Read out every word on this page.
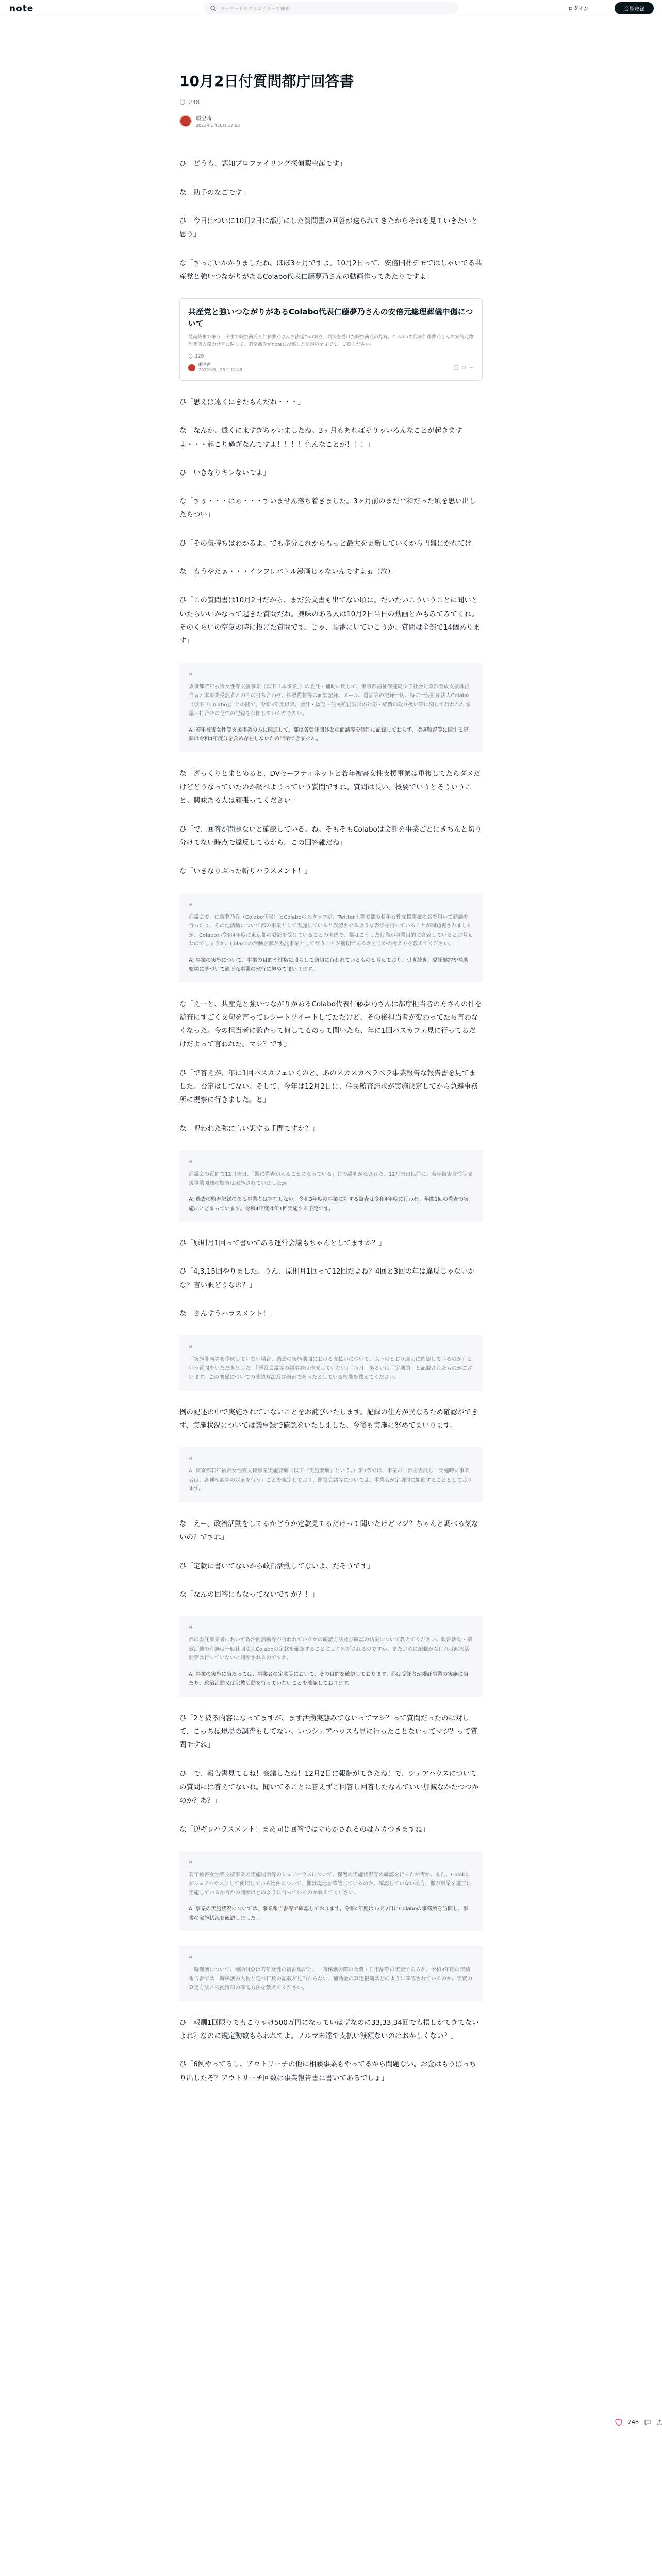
note	キーワードやクリエイターで検索	ログイン	会員登録
10月2日付質問都庁回答書
248
暇空茜
2023年1月10日 17:08

ひ「どうも、認知プロファイリング探偵暇空茜です」

な「助手のなごです」

ひ「今日はついに10月2日に都庁にした質問書の回答が送られてきたからそれを見ていきたいと思う」

な「すっごいかかりましたね、ほぼ3ヶ月ですよ。10月2日って、安倍国葬デモではしゃいでる共産党と強いつながりがあるColabo代表仁藤夢乃さんの動画作ってあたりですよ」

共産党と強いつながりがあるColabo代表仁藤夢乃さんの安倍元総理葬儀中傷について
最高裁まで争う、民事で暇空茜氏と仁藤夢乃さんの法廷での対立、判決を受けた暇空茜氏の見解。Colaboの代表仁藤夢乃さんの安倍元総理葬儀の際の発言に関して、暇空茜氏がnoteに投稿した記事の全文です。ご覧ください。
229
暇空茜
2022年9月28日 12:48

ひ「思えば遠くにきたもんだね・・・」

な「なんか、遠くに来すぎちゃいましたね。3ヶ月もあればそりゃいろんなことが起きますよ・・・起こり過ぎなんですよ！！！！色んなことが！！！」

ひ「いきなりキレないでよ」

な「すぅ・・・はぁ・・・すいません落ち着きました。3ヶ月前のまだ平和だった頃を思い出したらつい」

ひ「その気持ちはわかるよ。でも多分これからもっと最大を更新していくから円盤にかれてけ」

な「もうやだぁ・・・インフレバトル漫画じゃないんですよぉ（泣）」

ひ「この質問書は10月2日だから、まだ公文書も出てない頃に。だいたいこういうことに聞いといたらいいかなって起きた質問だね。興味のある人は10月2日当日の動画とかもみてみてくれ。そのくらいの空気の時に投げた質問です。じゃ、順番に見ていこうか。質問は全部で14個あります」

❝
東京都若年被害女性等支援事業（以下「本事業」）の委託・補助に関して、東京都福祉保健局少子社会対策部育成支援課担当者と本事業受託者との間の打ち合わせ、指導監督等の面談記録、メール、電話等の記録一切。特に一般社団法人Colabo（以下「Colabo」）との間で、令和3年度以降、会計・監査・住民監査請求の対応・経費の取り扱い等に関して行われた協議・打合せの全ての記録を公開していただきたい。
A: 若年被害女性等支援事業のみに関連して、都は各受託団体との面談等を個別に記録しておらず、指導監督等に関する記録は令和4年度分を含め存在しないため開示できません。

な「ざっくりとまとめると、DVセーフティネットと若年被害女性支援事業は重複してたらダメだけどどうなっていたのか調べようっていう質問ですね。質問は長い。概要でいうとそういうこと。興味ある人は頑張ってください」

ひ「で、回答が問題ないと確認している。ね。そもそもColaboは会計を事業ごとにきちんと切り分けてない時点で違反してるから。この回答雑だね」

な「いきなりぶった斬りハラスメント！」

❝
都議会で、仁藤夢乃氏（Colabo代表）とColaboのスタッフが、Twitter上等で都の若年女性支援事業の名を用いて勧誘を行ったり、その他活動について都の事業として実施していると誤認させるような表示を行っていることが問題視されましたが、Colaboが令和4年度に東京都の委託を受けていることの関係で、都はこうした行為が事業目的に合致しているとお考えなのでしょうか。Colaboの活動を都が委託事業として行うことが適切であるかどうかの考え方を教えてください。
A: 事業の実施について、事業の目的や性格に照らして適切に行われているものと考えており、引き続き、委託契約や補助要綱に基づいて適正な事業の執行に努めてまいります。

な「えーと、共産党と強いつながりがあるColabo代表仁藤夢乃さんは都庁担当者の方さんの件を監査にすごく文句を言ってレシートツイートしてただけど、その後担当者が変わってたら言わなくなった。今の担当者に監査って何してるのって聞いたら、年に1回バスカフェ見に行ってるだけだよって言われた。マジ？です」

ひ「で答えが、年に1回バスカフェいくのと、あのスカスカペラペラ事業報告な報告書を見てました。否定はしてない。そして、今年は12月2日に、住民監査請求が実施決定してから急遽事務所に視察に行きました。と」

な「呪われた弥に言い訳する手間ですか？」

❝
都議会の質問で12月末日、「既に監査が入ることになっている」旨の説明がなされた。12月末日以前に、若年被害女性等支援事業関連の監査は実施されていましたか。
A: 過去の監査記録のある事業者は存在しない。令和3年度の事業に対する監査は令和4年度に行われ、年間1回の監査の実施にとどまっています。令和4年度は年1回実施する予定です。

ひ「原則月1回って書いてある運営会議もちゃんとしてますか？」

ひ「4,3,15回やりました。うん、原則月1回って12回だよね？4回と3回の年は違反じゃないかな？言い訳どうなの？」

な「さんすうハラスメント！」

❝
「実施計画等を作成していない場合、過去の実施期間における支払いについて、以下のとおり適切に確認しているのか」という質問をいただきました。「運営会議等の議事録は作成していない」「毎月」あるいは「定期的」と記載されたものがございます。この関係についての確認方法及び適正であったとしている根拠を教えてください。

例の記述の中で実施されていないことをお詫びいたします。記録の仕方が異なるため確認ができず、実施状況については議事録で確認をいたしました。今後も実施に努めてまいります。

❝
A: 東京都若年被害女性等支援事業実施要綱（以下「実施要綱」という。）第3条では、事業の一部を委託し「実施時に事業者は、各種相談等の対応を行う」ことを規定しており、運営会議等については、事業者が定期的に開催することとしております。

な「えー、政治活動をしてるかどうか定款見てるだけって聞いたけどマジ？ちゃんと調べる気ないの？ですね」

ひ「定款に書いてないから政治活動してないよ、だそうです」

な「なんの回答にもなってないですが？！」

❝
都の委託事業者において政治的活動等が行われているかの確認方法及び確認の結果について教えてください。政治活動・宗教活動の有無は一般社団法人Colaboの定款を確認することにより判断されるのですか。また定款に記載がなければ政治活動等は行っていないと判断されるのですか。
A: 事業の実施に当たっては、事業者の定款等において、その目的を確認しております。都は受託者が委託事業の実施に当たり、政治活動又は宗教活動を行っていないことを確認しております。

ひ「2と被る内容になってますが、まず活動実態みてないってマジ？って質問だったのに対して、こっちは現場の調査もしてない。いつシェアハウスも見に行ったことないってマジ？って質問ですね」

ひ「で、報告書見てるね！会議したね！12月2日に報酬がてきたね！で、シェアハウスについての質問には答えてないね。聞いてることに答えずご回答し回答したなんていい加減なかたつつかのか？あ？」

な「逆ギレハラスメント！まあ同じ回答ではぐらかされるのはムカつきますね」

❝
若年被害女性等支援事業の実施場所等のシェアハウスについて、保護の実施状況等の確認を行ったか否か。また、Colaboがシェアハウスとして使用している物件について、都は現地を確認しているのか。確認していない場合、都が事業を適正に実施しているか否かの判断はどのように行っているのか教えてください。
A: 事業の実施状況については、事業報告書等で確認しております。令和4年度は12月2日にColaboの事務所を訪問し、事業の実施状況を確認しました。
❝
一時保護について、補助対象は若年女性の宿泊場所と、一時保護の際の食費・日用品等の実費であるが、令和3年度の実績報告書では一時保護の人数と延べ日数の記載が見当たらない。補助金の算定根拠はどのように確認されているのか。実費の算定方法と根拠資料の確認方法を教えてください。

ひ「報酬1回限りでもこりゃけ500万円になっていはずなのに33,33,34回でも損しかてきてないよね？なのに規定動数もらわれてよ。ノルマ未達で支払い減額ないのはおかしくない？」

ひ「6例やってるし、アウトリーチの他に相談事業もやってるから問題ない。お金はもうばっちり出したぞ？アウトリーチ回数は事業報告書に書いてあるでしょ」

248
